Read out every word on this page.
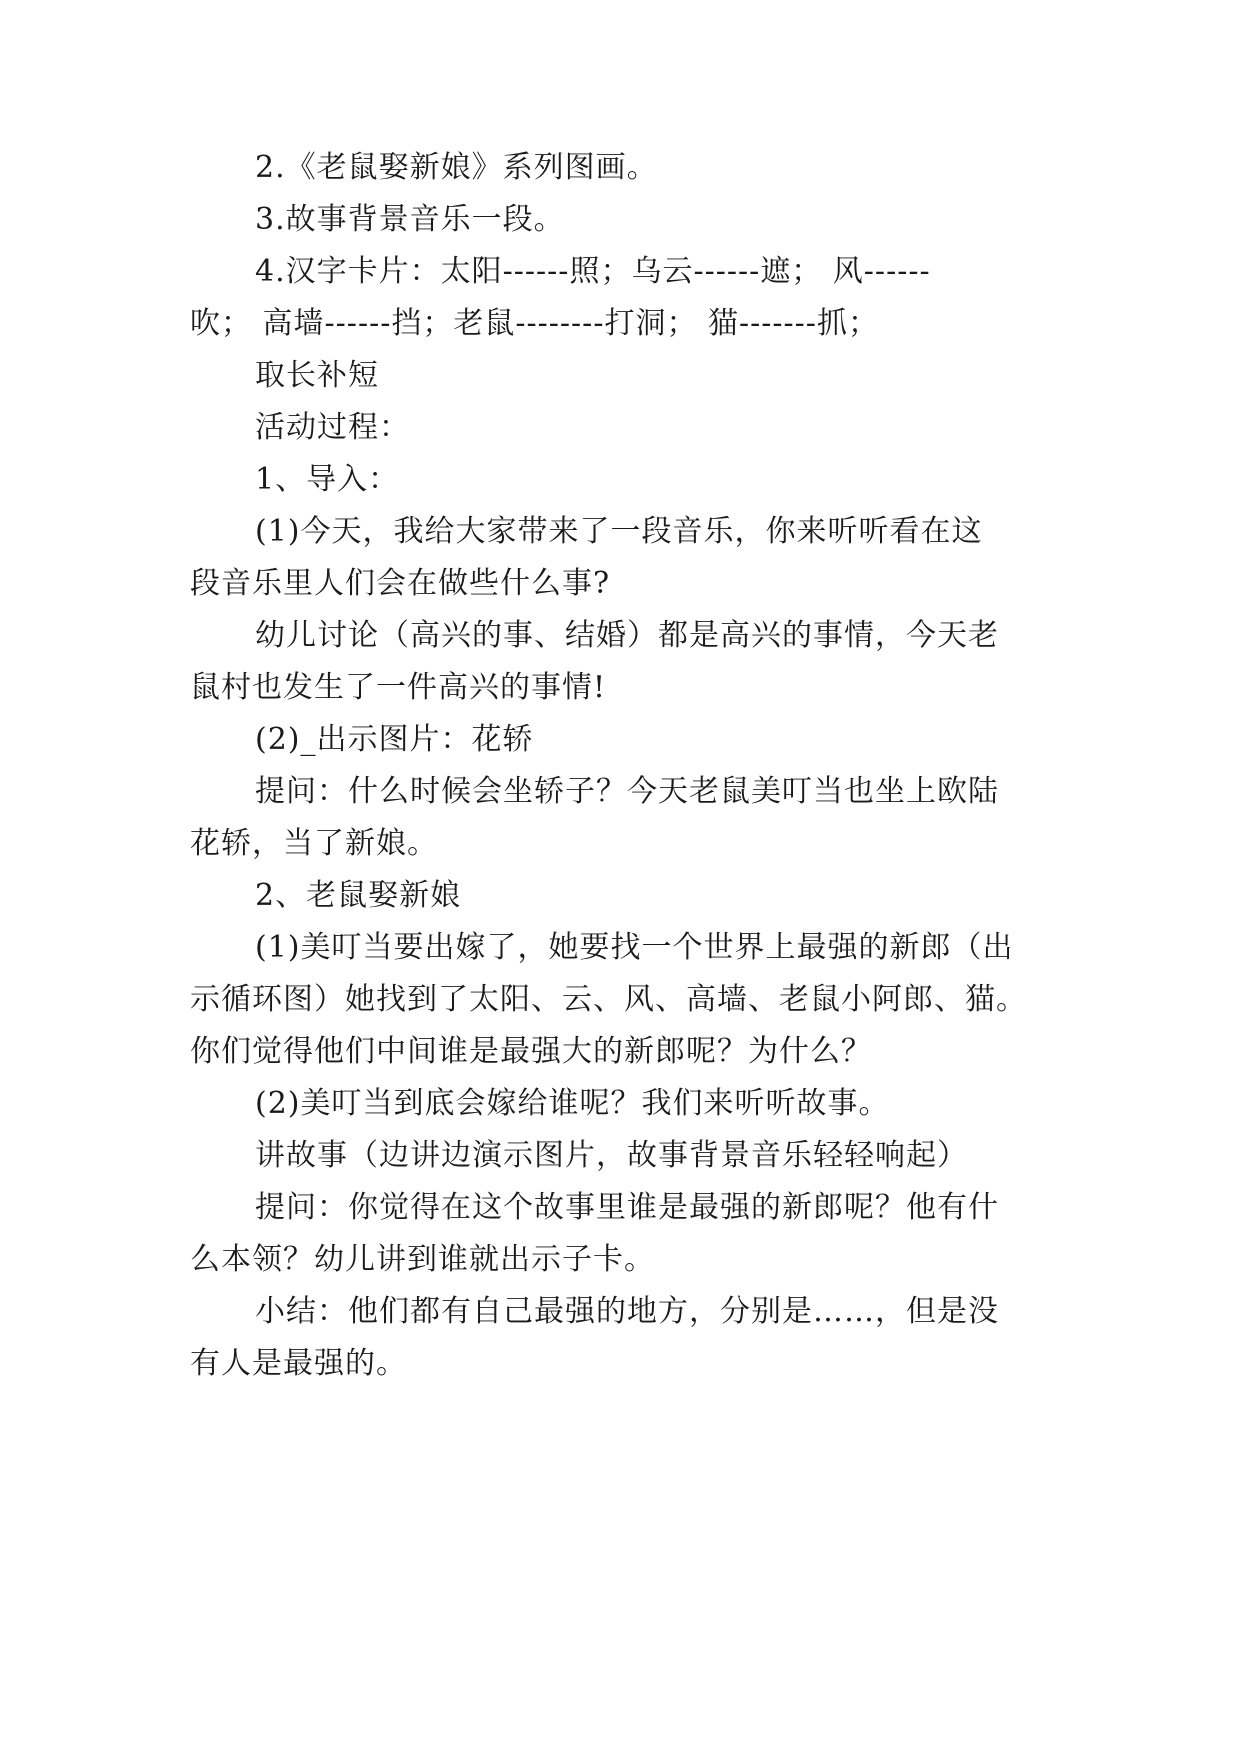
2.《老鼠娶新娘》系列图画。
3.故事背景音乐一段。
4.汉字卡片：太阳------照；乌云------遮； 风------
吹； 高墙------挡；老鼠--------打洞； 猫-------抓；
取长补短
活动过程：
1、导入：
(1)今天，我给大家带来了一段音乐，你来听听看在这
段音乐里人们会在做些什么事?
幼儿讨论（高兴的事、结婚）都是高兴的事情，今天老
鼠村也发生了一件高兴的事情!
(2)_出示图片：花轿
提问：什么时候会坐轿子？今天老鼠美叮当也坐上欧陆
花轿，当了新娘。
2、老鼠娶新娘
(1)美叮当要出嫁了，她要找一个世界上最强的新郎（出
示循环图）她找到了太阳、云、风、高墙、老鼠小阿郎、猫。
你们觉得他们中间谁是最强大的新郎呢？为什么？
(2)美叮当到底会嫁给谁呢？我们来听听故事。
讲故事（边讲边演示图片，故事背景音乐轻轻响起）
提问：你觉得在这个故事里谁是最强的新郎呢？他有什
么本领？幼儿讲到谁就出示子卡。
小结：他们都有自己最强的地方，分别是……，但是没
有人是最强的。
